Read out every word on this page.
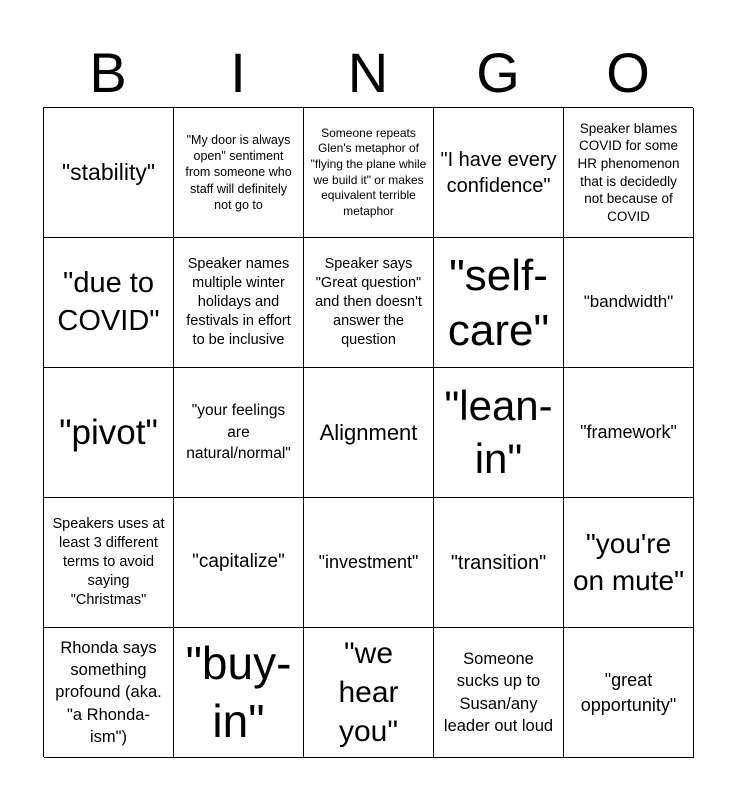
B	I	N	G	O
"stability"
"My door is always open" sentiment from someone who staff will definitely not go to
Someone repeats Glen's metaphor of "flying the plane while we build it" or makes equivalent terrible metaphor
"I have every confidence"
Speaker blames COVID for some HR phenomenon that is decidedly not because of COVID
"due to COVID"
Speaker names multiple winter holidays and festivals in effort to be inclusive
Speaker says "Great question" and then doesn't answer the question
"self-care"
"bandwidth"
"pivot"
"your feelings are natural/normal"
Alignment
"lean-in"
"framework"
Speakers uses at least 3 different terms to avoid saying "Christmas"
"capitalize" "investment" "transition"
"you're on mute"
Rhonda says something profound (aka. "a Rhonda-ism")
"buy-in"
"we hear you"
Someone sucks up to Susan/any leader out loud
"great opportunity"
